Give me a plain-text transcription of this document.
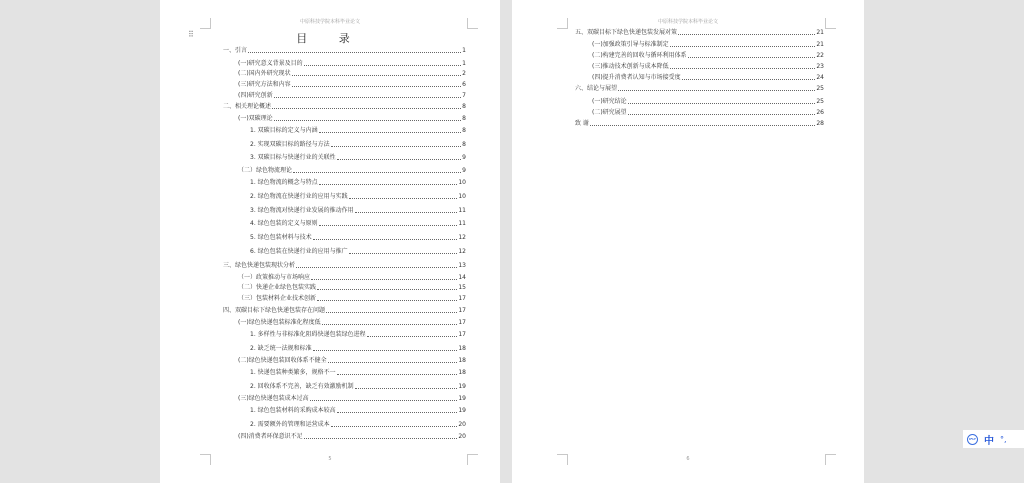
中原科技学院本科毕业论文
⠿	目 录
一、引言	1
(一)研究意义背景及目的	1
(二)国内外研究现状	2
(三)研究方法和内容	6
(四)研究创新	7
二、相关理论概述	8
(一)双碳理论	8
1. 双碳目标的定义与内涵	8
2. 实现双碳目标的路径与方法	8
3. 双碳目标与快递行业的关联性	9
（二）绿色物流理论	9
1. 绿色物流的概念与特点	10
2. 绿色物流在快递行业的应用与实践	10
3. 绿色物流对快递行业发展的推动作用	11
4. 绿色包装的定义与原则	11
5. 绿色包装材料与技术	12
6. 绿色包装在快递行业的应用与推广	12
三、绿色快递包装现状分析	13
（一）政策推动与市场响应	14
（二）快递企业绿色包装实践	15
（三）包装材料企业技术创新	17
四、双碳目标下绿色快递包装存在问题	17
(一)绿色快递包装标准化程度低	17
1. 多样性与非标准化阻碍快递包装绿色进程	17
2. 缺乏统一法规和标准	18
(二)绿色快递包装回收体系不健全	18
1. 快递包装种类繁多，规格不一	18
2. 回收体系不完善，缺乏有效激励机制	19
(三)绿色快递包装成本过高	19
1. 绿色包装材料的采购成本较高	19
2. 需要额外的管理和运营成本	20
(四)消费者环保意识不足	20
5
中原科技学院本科毕业论文
五、双碳目标下绿色快递包装发展对策	21
(一)加强政策引导与标准制定	21
(二)构建完善的回收与循环利用体系	22
(三)推动技术创新与成本降低	23
(四)提升消费者认知与市场接受度	24
六、结论与展望	25
(一)研究结论	25
(二)研究展望	26
致 谢	28
6
IFLY 中 °,
